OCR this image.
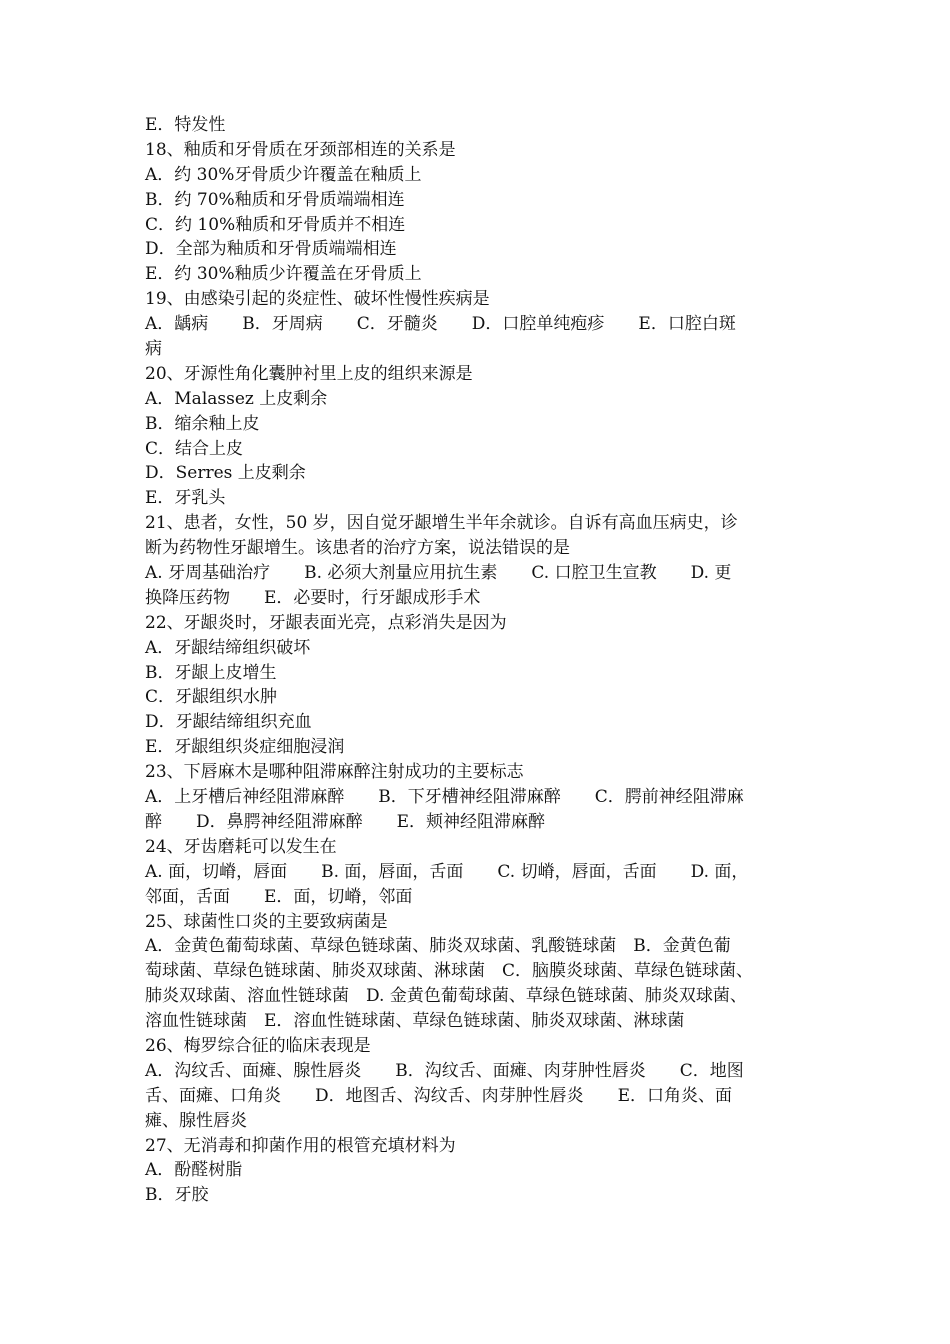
E．特发性
18、釉质和牙骨质在牙颈部相连的关系是
A．约 30%牙骨质少许覆盖在釉质上
B．约 70%釉质和牙骨质端端相连
C．约 10%釉质和牙骨质并不相连
D．全部为釉质和牙骨质端端相连
E．约 30%釉质少许覆盖在牙骨质上
19、由感染引起的炎症性、破坏性慢性疾病是
A．龋病　　B．牙周病　　C．牙髓炎　　D．口腔单纯疱疹　　E．口腔白斑
病
20、牙源性角化囊肿衬里上皮的组织来源是
A．Malassez 上皮剩余
B．缩余釉上皮
C．结合上皮
D．Serres 上皮剩余
E．牙乳头
21、患者，女性，50 岁，因自觉牙龈增生半年余就诊。自诉有高血压病史，诊
断为药物性牙龈增生。该患者的治疗方案，说法错误的是
A. 牙周基础治疗　　B. 必须大剂量应用抗生素　　C. 口腔卫生宣教　　D. 更
换降压药物　　E．必要时，行牙龈成形手术
22、牙龈炎时，牙龈表面光亮，点彩消失是因为
A．牙龈结缔组织破坏
B．牙龈上皮增生
C．牙龈组织水肿
D．牙龈结缔组织充血
E．牙龈组织炎症细胞浸润
23、下唇麻木是哪种阻滞麻醉注射成功的主要标志
A．上牙槽后神经阻滞麻醉　　B．下牙槽神经阻滞麻醉　　C．腭前神经阻滞麻
醉　　D．鼻腭神经阻滞麻醉　　E．颊神经阻滞麻醉
24、牙齿磨耗可以发生在
A. 面，切嵴，唇面　　B. 面，唇面，舌面　　C. 切嵴，唇面，舌面　　D. 面，
邻面，舌面　　E．面，切嵴，邻面
25、球菌性口炎的主要致病菌是
A．金黄色葡萄球菌、草绿色链球菌、肺炎双球菌、乳酸链球菌　B．金黄色葡
萄球菌、草绿色链球菌、肺炎双球菌、淋球菌　C．脑膜炎球菌、草绿色链球菌、
肺炎双球菌、溶血性链球菌　D. 金黄色葡萄球菌、草绿色链球菌、肺炎双球菌、
溶血性链球菌　E．溶血性链球菌、草绿色链球菌、肺炎双球菌、淋球菌
26、梅罗综合征的临床表现是
A．沟纹舌、面瘫、腺性唇炎　　B．沟纹舌、面瘫、肉芽肿性唇炎　　C．地图
舌、面瘫、口角炎　　D．地图舌、沟纹舌、肉芽肿性唇炎　　E．口角炎、面
瘫、腺性唇炎
27、无消毒和抑菌作用的根管充填材料为
A．酚醛树脂
B．牙胶
